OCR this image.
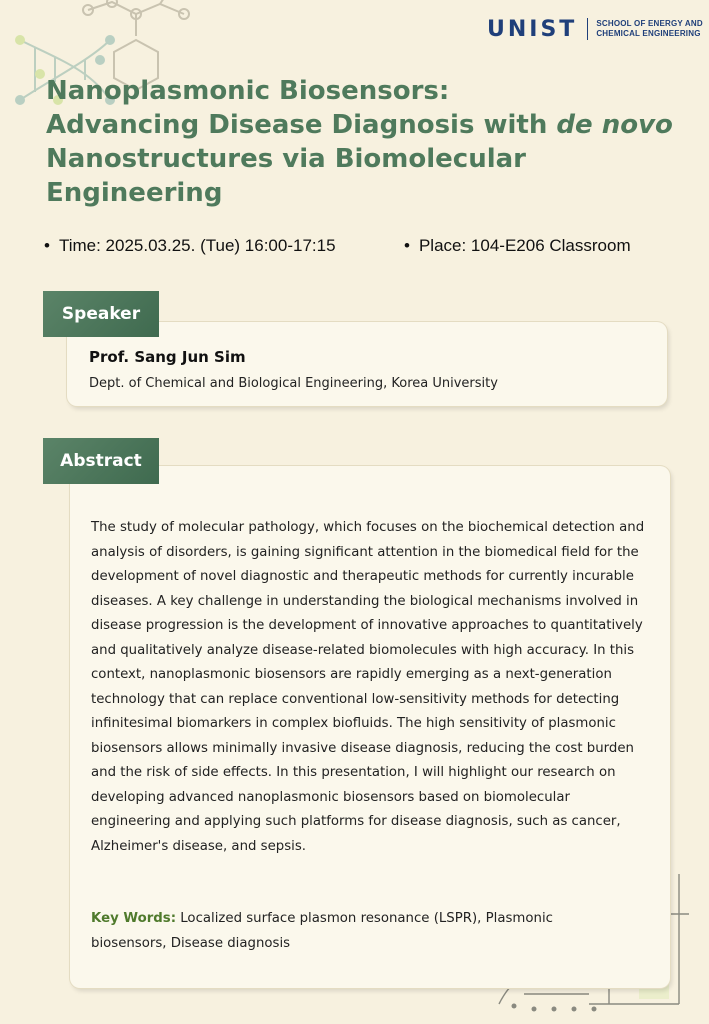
UNIST SCHOOL OF ENERGY AND
CHEMICAL ENGINEERING
Nanoplasmonic Biosensors:
Advancing Disease Diagnosis with de novo
Nanostructures via Biomolecular
Engineering
• Time: 2025.03.25. (Tue) 16:00-17:15	• Place: 104-E206 Classroom
Speaker
Prof. Sang Jun Sim
Dept. of Chemical and Biological Engineering, Korea University
Abstract

The study of molecular pathology, which focuses on the biochemical detection and analysis of disorders, is gaining significant attention in the biomedical field for the development of novel diagnostic and therapeutic methods for currently incurable diseases. A key challenge in understanding the biological mechanisms involved in disease progression is the development of innovative approaches to quantitatively and qualitatively analyze disease-related biomolecules with high accuracy. In this context, nanoplasmonic biosensors are rapidly emerging as a next-generation technology that can replace conventional low-sensitivity methods for detecting infinitesimal biomarkers in complex biofluids. The high sensitivity of plasmonic biosensors allows minimally invasive disease diagnosis, reducing the cost burden and the risk of side effects. In this presentation, I will highlight our research on developing advanced nanoplasmonic biosensors based on biomolecular engineering and applying such platforms for disease diagnosis, such as cancer, Alzheimer's disease, and sepsis.

Key Words: Localized surface plasmon resonance (LSPR), Plasmonic biosensors, Disease diagnosis
